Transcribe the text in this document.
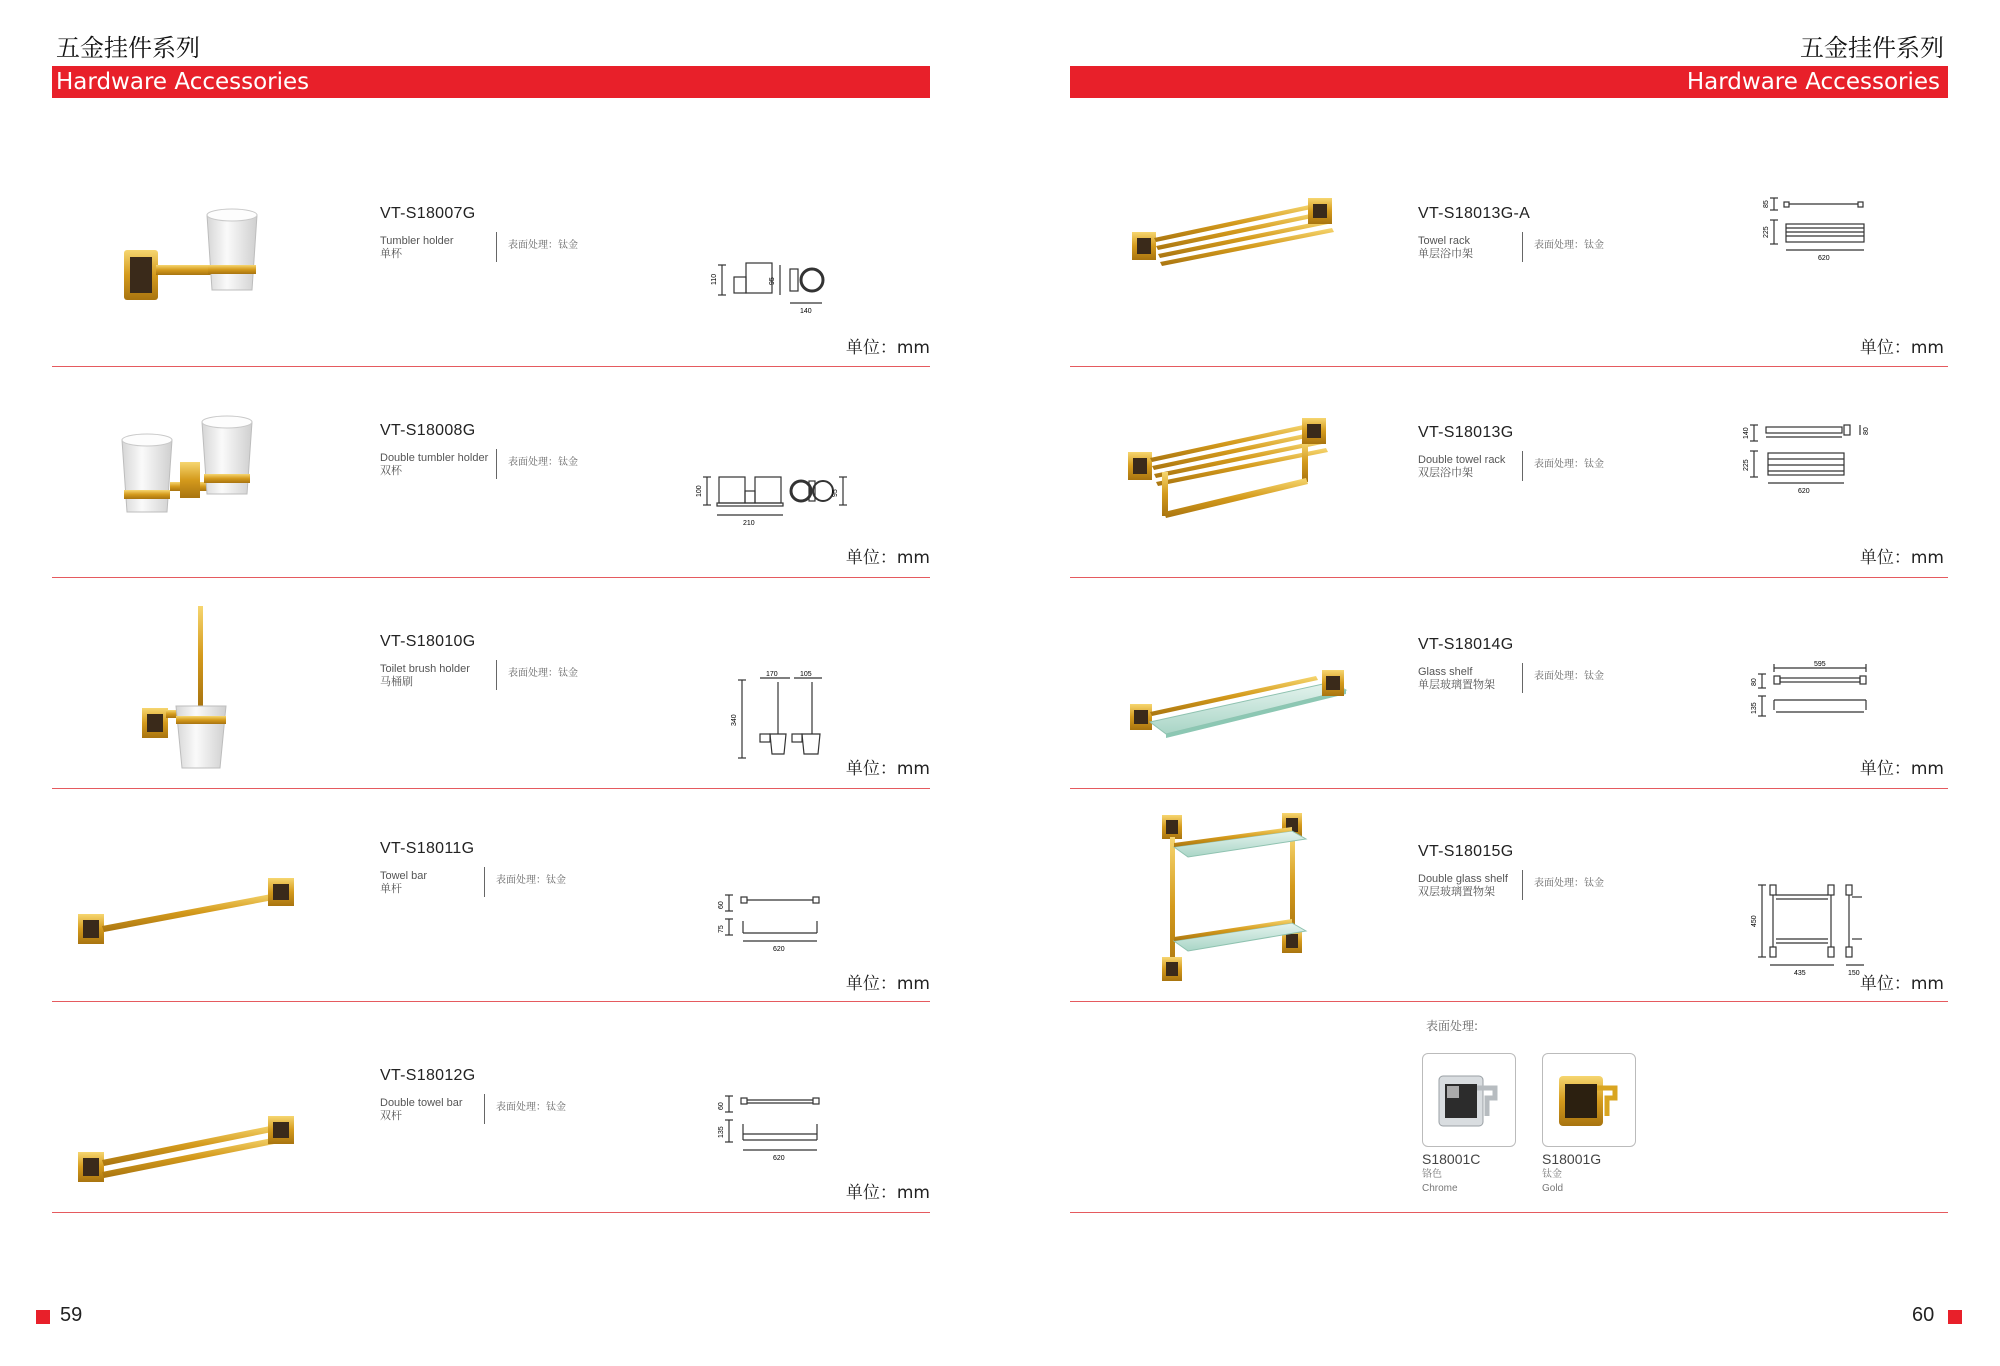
五金挂件系列
Hardware Accessories
五金挂件系列
Hardware Accessories
VT-S18007G
Tumbler holder
单杯
表面处理：钛金
110	95
140
单位：mm
VT-S18008G
Double tumbler holder
双杯
表面处理：钛金
100
210
95
单位：mm
VT-S18010G
Toilet brush holder
马桶刷
表面处理：钛金	170	105
340
单位：mm
VT-S18011G
Towel bar
单杆
表面处理：钛金
60
75
620
单位：mm
VT-S18012G
Double towel bar
双杆
表面处理：钛金	60
135
620
单位：mm
VT-S18013G-A
Towel rack
单层浴巾架
表面处理：钛金
85
225
620
单位：mm
VT-S18013G
Double towel rack
双层浴巾架
表面处理：钛金
140	80
225
620
单位：mm
VT-S18014G
Glass shelf
单层玻璃置物架
表面处理：钛金
595
80
135
单位：mm
VT-S18015G
Double glass shelf
双层玻璃置物架
表面处理：钛金
450
435	150
单位：mm
表面处理:
S18001C
铬色
Chrome
S18001G
钛金
Gold
59	60
